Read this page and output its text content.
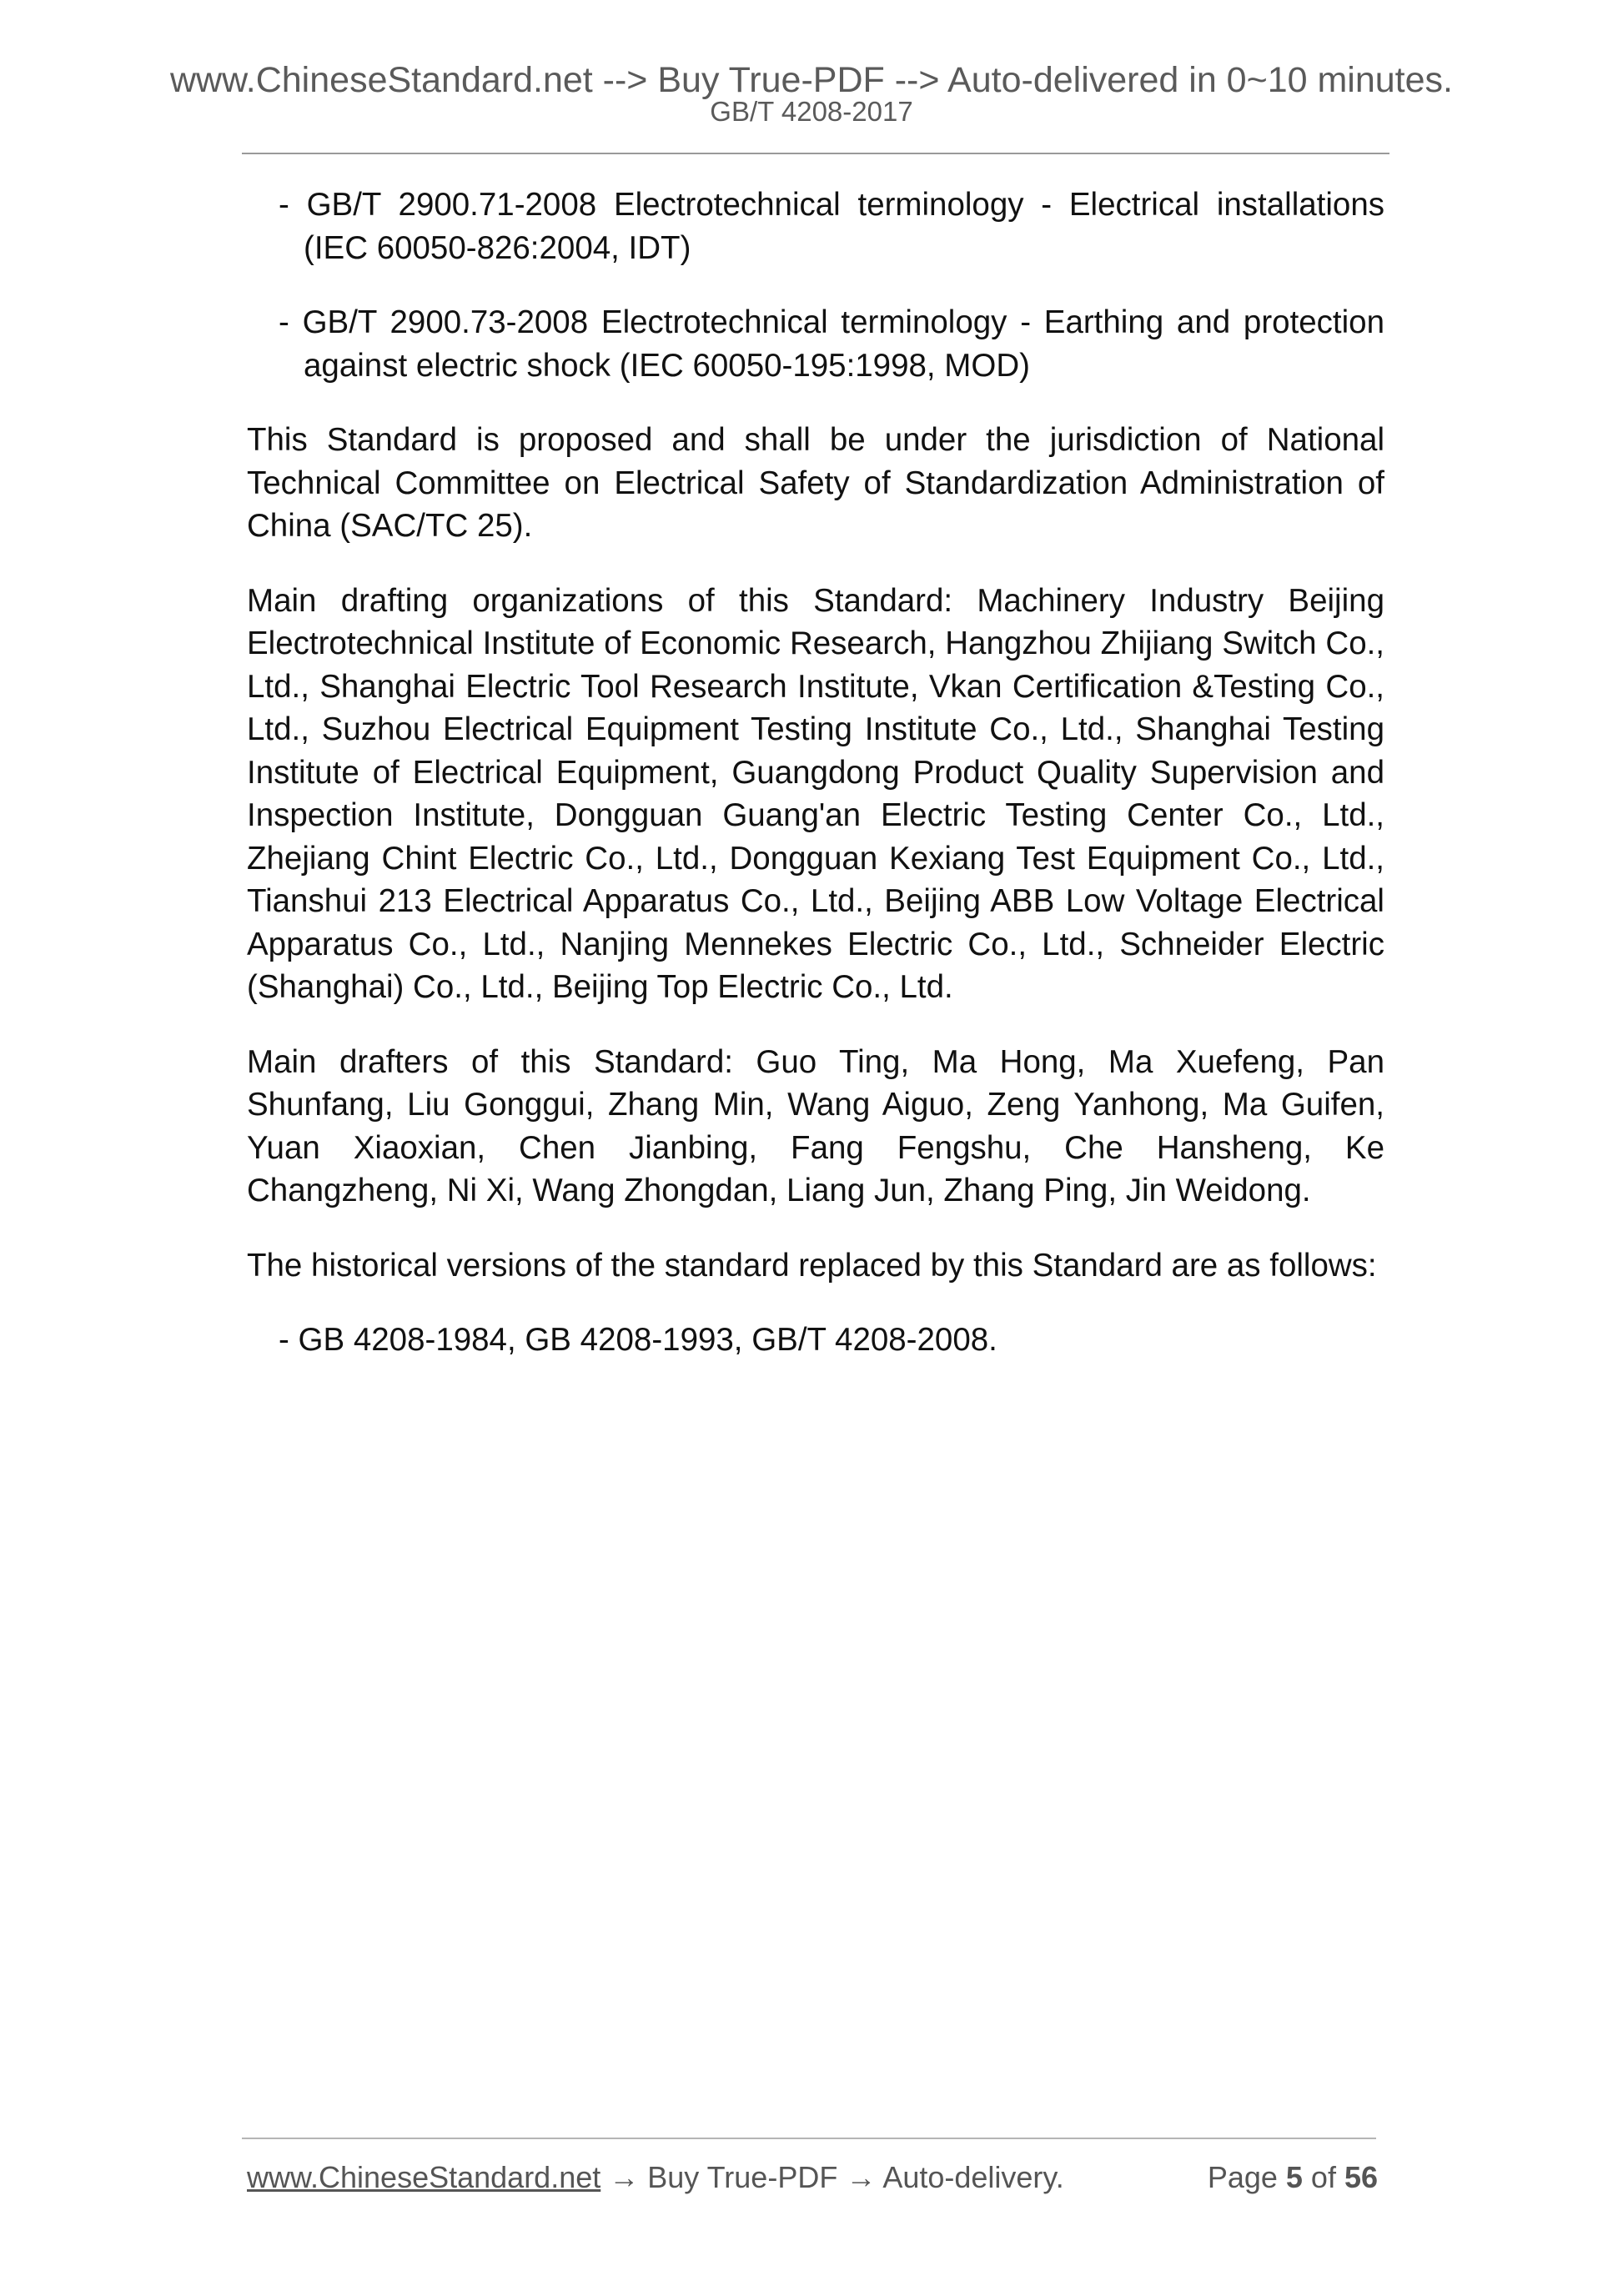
www.ChineseStandard.net --> Buy True-PDF --> Auto-delivered in 0~10 minutes.
GB/T 4208-2017

- GB/T 2900.71-2008 Electrotechnical terminology - Electrical installations (IEC 60050-826:2004, IDT)

- GB/T 2900.73-2008 Electrotechnical terminology - Earthing and protection against electric shock (IEC 60050-195:1998, MOD)

This Standard is proposed and shall be under the jurisdiction of National Technical Committee on Electrical Safety of Standardization Administration of China (SAC/TC 25).

Main drafting organizations of this Standard: Machinery Industry Beijing Electrotechnical Institute of Economic Research, Hangzhou Zhijiang Switch Co., Ltd., Shanghai Electric Tool Research Institute, Vkan Certification &Testing Co., Ltd., Suzhou Electrical Equipment Testing Institute Co., Ltd., Shanghai Testing Institute of Electrical Equipment, Guangdong Product Quality Supervision and Inspection Institute, Dongguan Guang'an Electric Testing Center Co., Ltd., Zhejiang Chint Electric Co., Ltd., Dongguan Kexiang Test Equipment Co., Ltd., Tianshui 213 Electrical Apparatus Co., Ltd., Beijing ABB Low Voltage Electrical Apparatus Co., Ltd., Nanjing Mennekes Electric Co., Ltd., Schneider Electric (Shanghai) Co., Ltd., Beijing Top Electric Co., Ltd.

Main drafters of this Standard: Guo Ting, Ma Hong, Ma Xuefeng, Pan Shunfang, Liu Gonggui, Zhang Min, Wang Aiguo, Zeng Yanhong, Ma Guifen, Yuan Xiaoxian, Chen Jianbing, Fang Fengshu, Che Hansheng, Ke Changzheng, Ni Xi, Wang Zhongdan, Liang Jun, Zhang Ping, Jin Weidong.

The historical versions of the standard replaced by this Standard are as follows:

- GB 4208-1984, GB 4208-1993, GB/T 4208-2008.

www.ChineseStandard.net → Buy True-PDF → Auto-delivery.	Page 5 of 56
